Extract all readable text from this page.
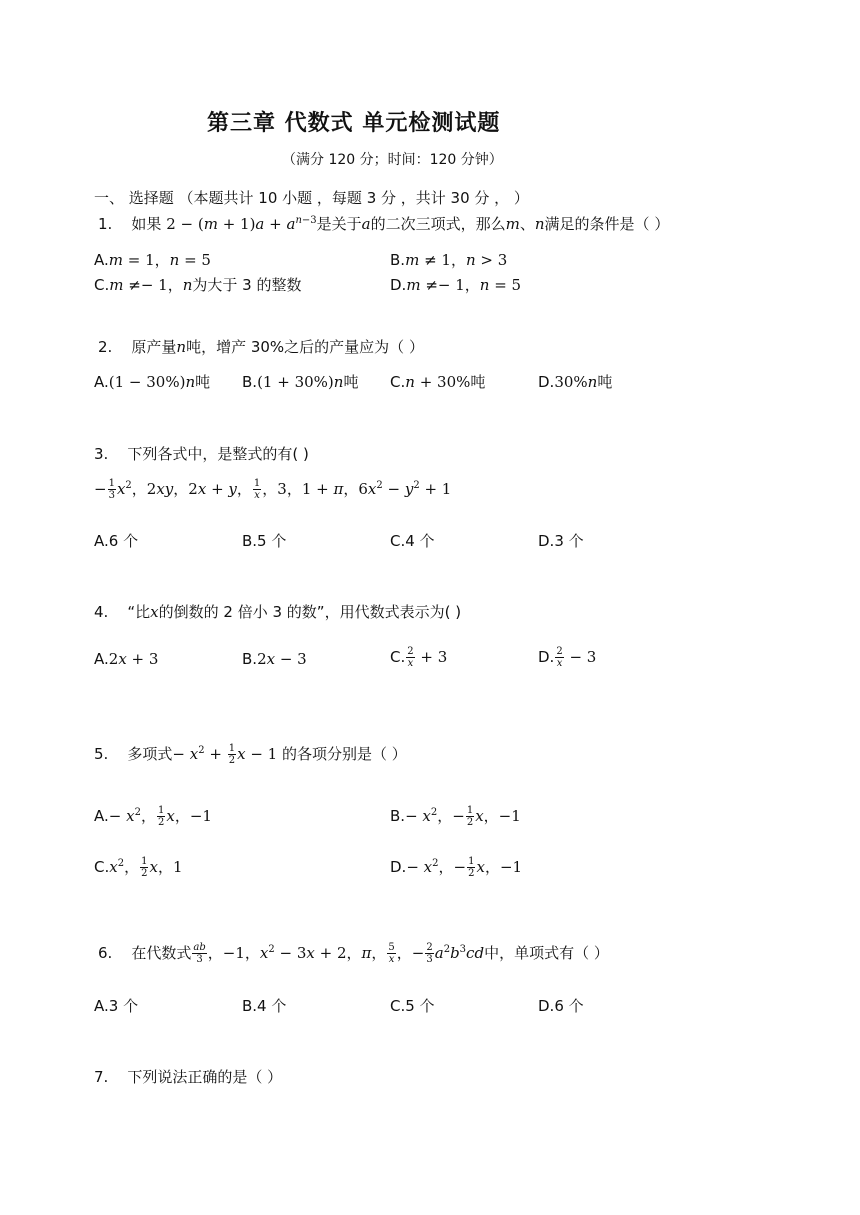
第三章 代数式 单元检测试题
（满分 120 分；时间：120 分钟）
一、 选择题 （本题共计 10 小题 ，每题 3 分 ，共计 30 分 ， ）
1. 如果 $2 - (m + 1)a + a^{n-3}$是关于a的二次三项式，那么m、n满足的条件是（ ）
A.m = 1，n = 5	B.m ≠ 1，n > 3
C.m ≠− 1，n为大于 3 的整数	D.m ≠− 1，n = 5
2. 原产量n吨，增产 30%之后的产量应为（ ）
A.(1 − 30%)n吨 B.(1 + 30%)n吨 C.n + 30%吨	D.30%n吨
3. 下列各式中，是整式的有( )
− $\frac{1}{3} x^2$，2xy，2x + y， $\frac{1}{x}$ ，3，1 + π，$6x^2 - y^2 + 1$
A.6 个	B.5 个	C.4 个	D.3 个
4. “比x的倒数的 2 倍小 3 的数”，用代数式表示为( )
A.2x + 3	B.2x − 3	C. $\frac{2}{x} + 3$	D. $\frac{2}{x} - 3$
5. 多项式− $x^2 + \frac{1}{2}$ x − 1 的各项分别是（ ）
$A.- x^2$， $\frac{1}{2}$ x，−1	$B.- x^2$，− $\frac{1}{2}$ x，−1
$C.x^2$， $\frac{1}{2}$ x，1	$D.- x^2$，− $\frac{1}{2}$ x，−1
6. 在代数式 $\frac{ab}{3}$ ，−1，$x^2 - 3x + 2$，π， $\frac{5}{x}$ ，− $\frac{2}{3} a^2b^3cd$中，单项式有（ ）
A.3 个	B.4 个	C.5 个	D.6 个
7. 下列说法正确的是（ ）
